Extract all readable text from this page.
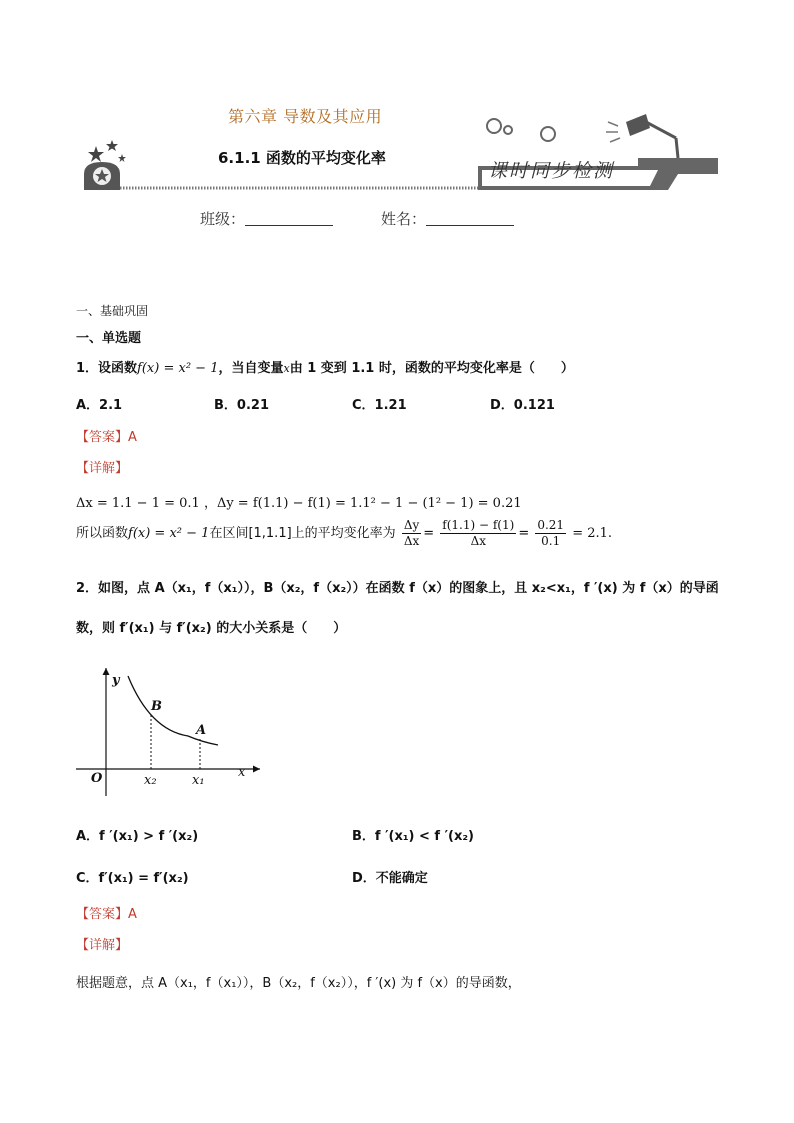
第六章 导数及其应用
6.1.1 函数的平均变化率
课时同步检测
班级：	姓名：
一、基础巩固
一、单选题
1．设函数f(x) = x² − 1，当自变量x由 1 变到 1.1 时，函数的平均变化率是（　　）
A．2.1	B．0.21	C．1.21	D．0.121
【答案】A
【详解】
Δx = 1.1 − 1 = 0.1 ，Δy = f(1.1) − f(1) = 1.1² − 1 − (1² − 1) = 0.21
所以函数f(x) = x² − 1在区间[1,1.1]上的平均变化率为 $\frac{\Delta y}{\Delta x} = \frac{f(1.1) - f(1)}{\Delta x} = \frac{0.21}{0.1} = 2.1$.
2．如图，点 A（x₁，f（x₁）），B（x₂，f（x₂））在函数 f（x）的图象上，且 x₂<x₁，f ′(x) 为 f（x）的导函
数，则 f′(x₁) 与 f′(x₂) 的大小关系是（　　）
y
x
O
B
A
x₂	x₁
A．f ′(x₁) > f ′(x₂)	B．f ′(x₁) < f ′(x₂)
C．f′(x₁) = f′(x₂)	D．不能确定
【答案】A
【详解】
根据题意，点 A（x₁，f（x₁）），B（x₂，f（x₂）），f ′(x) 为 f（x）的导函数，
